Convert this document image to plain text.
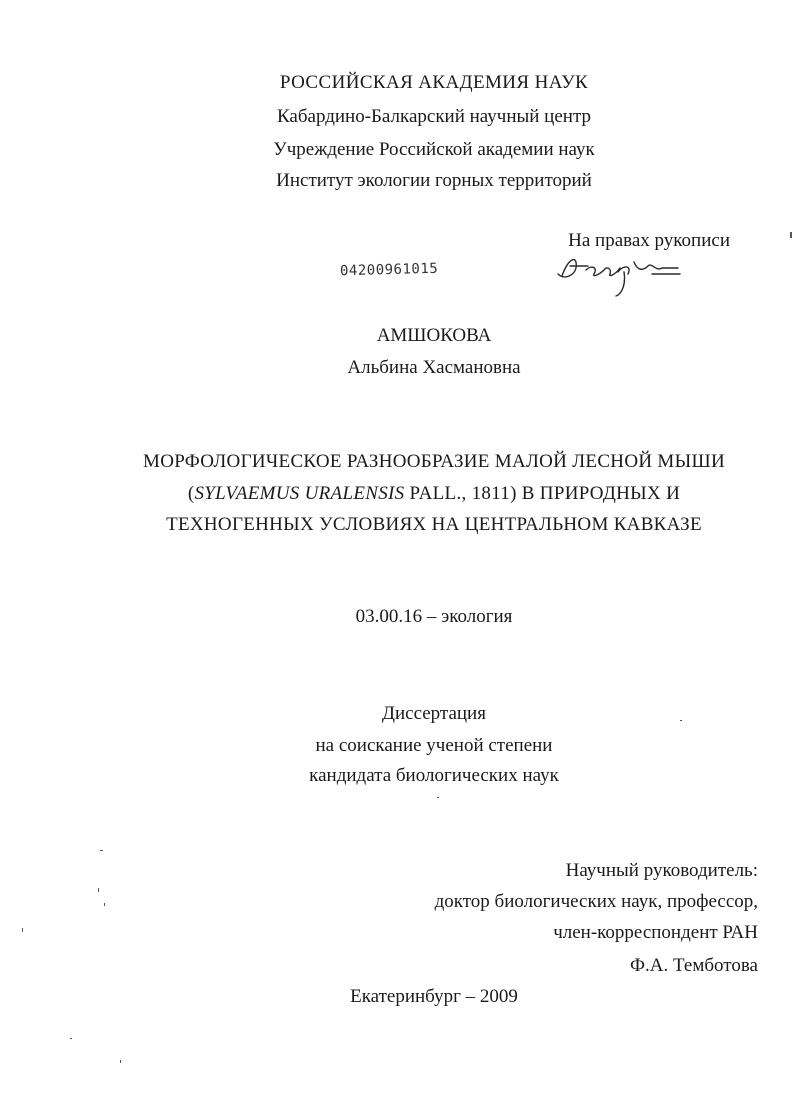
РОССИЙСКАЯ АКАДЕМИЯ НАУК
Кабардино-Балкарский научный центр
Учреждение Российской академии наук
Институт экологии горных территорий
На правах рукописи
04200961015
АМШОКОВА
Альбина Хасмановна
МОРФОЛОГИЧЕСКОЕ РАЗНООБРАЗИЕ МАЛОЙ ЛЕСНОЙ МЫШИ
(SYLVAEMUS URALENSIS PALL., 1811) В ПРИРОДНЫХ И
ТЕХНОГЕННЫХ УСЛОВИЯХ НА ЦЕНТРАЛЬНОМ КАВКАЗЕ
03.00.16 – экология
Диссертация
на соискание ученой степени
кандидата биологических наук
Научный руководитель:
доктор биологических наук, профессор,
член-корреспондент РАН
Ф.А. Темботова
Екатеринбург – 2009
